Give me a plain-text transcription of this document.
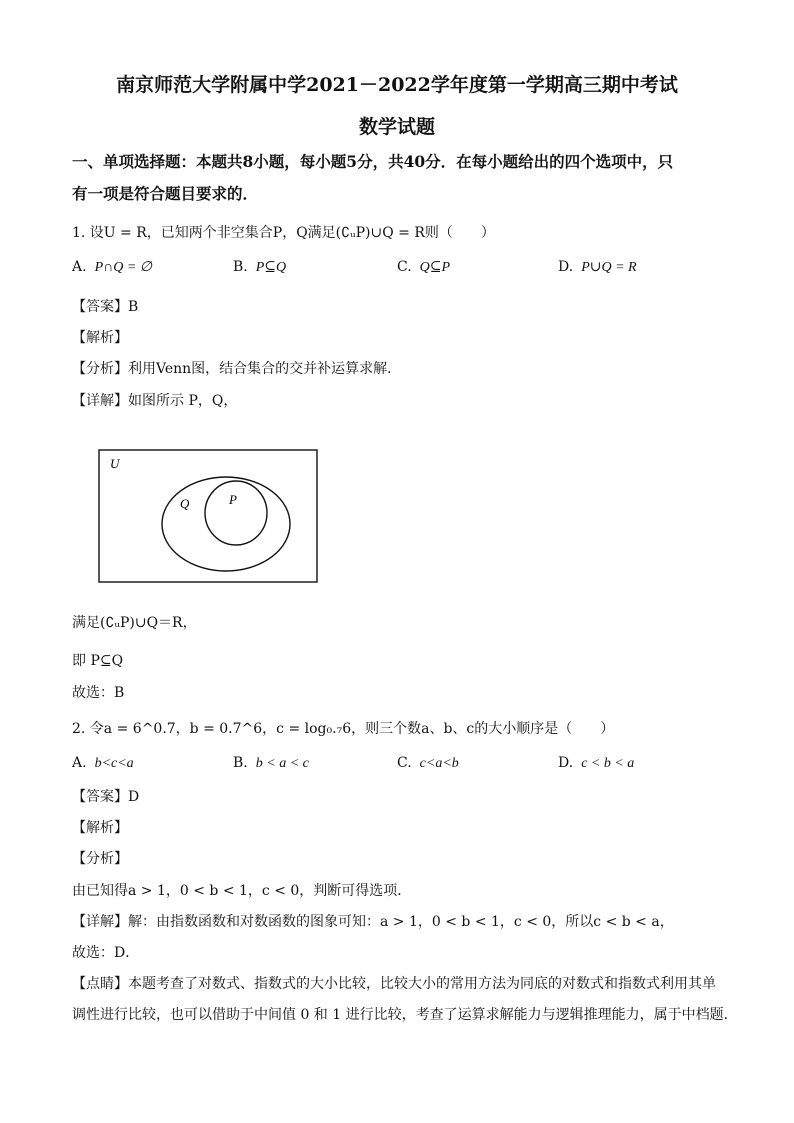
南京师范大学附属中学2021－2022学年度第一学期高三期中考试
数学试题
一、单项选择题：本题共8小题，每小题5分，共40分．在每小题给出的四个选项中，只
有一项是符合题目要求的．
1. 设U = R，已知两个非空集合P，Q满足(∁ᵤP)∪Q = R则（　　）
A. P∩Q = ∅	B. P⊆Q	C. Q⊆P	D. P∪Q = R
【答案】B
【解析】
【分析】利用Venn图，结合集合的交并补运算求解．
【详解】如图所示 P，Q，
U
Q	P
满足(∁ᵤP)∪Q＝R，
即 P⊆Q
故选：B
2. 令a = 6^0.7，b = 0.7^6，c = log₀.₇6，则三个数a、b、c的大小顺序是（　　）
A. b<c<a	B. b < a < c	C. c<a<b	D. c < b < a
【答案】D
【解析】
【分析】
由已知得a > 1，0 < b < 1，c < 0，判断可得选项．
【详解】解：由指数函数和对数函数的图象可知：a > 1，0 < b < 1，c < 0，所以c < b < a，
故选：D．
【点睛】本题考查了对数式、指数式的大小比较，比较大小的常用方法为同底的对数式和指数式利用其单
调性进行比较，也可以借助于中间值 0 和 1 进行比较，考查了运算求解能力与逻辑推理能力，属于中档题．
